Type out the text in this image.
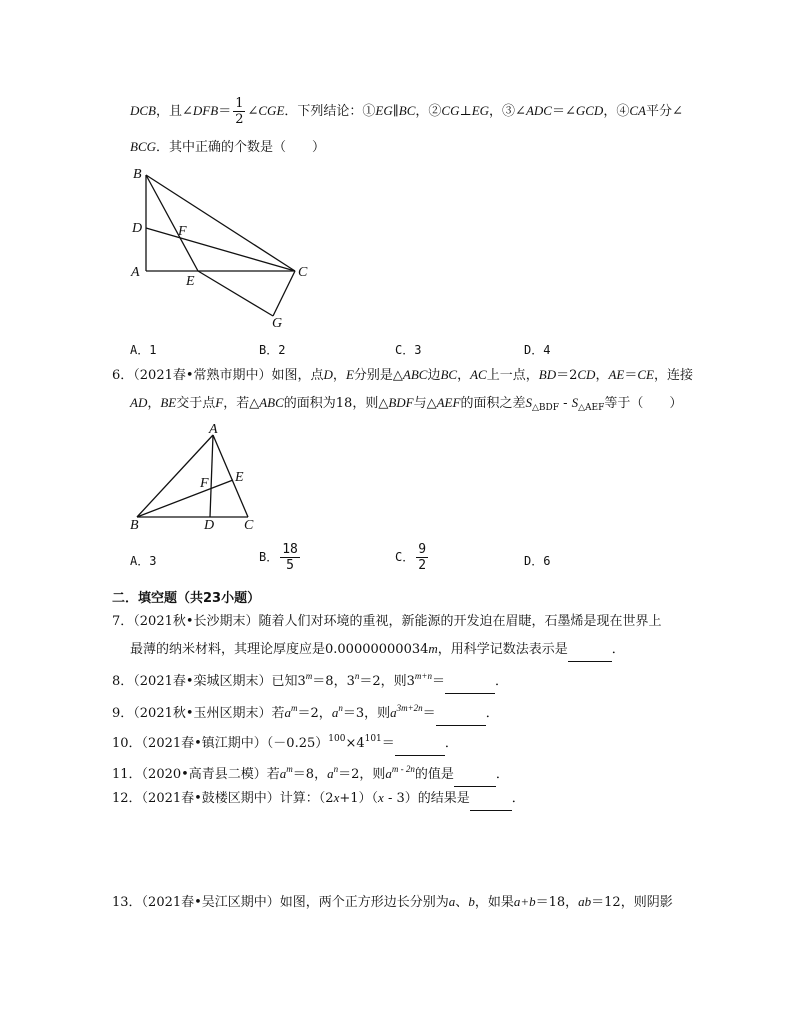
DCB，且∠DFB＝ $\frac{1}{2}$ ∠CGE．下列结论：①EG∥BC，②CG⊥EG，③∠ADC＝∠GCD，④CA平分∠
BCG．其中正确的个数是（　　）
B
D	F
A
E
C
G
A．1	B．2	C．3	D．4
6．（2021春•常熟市期中）如图，点D，E分别是△ABC边BC，AC上一点，BD＝2CD，AE＝CE，连接
AD，BE交于点F，若△ABC的面积为18，则△BDF与△AEF的面积之差$S_{\triangle BDF} - S_{\triangle AEF}$等于（　　）
A
E
F
B	D C
A．3	B． $\frac{18}{5}$	C． $\frac{9}{2}$	D．6
二．填空题（共23小题）
7．（2021秋•长沙期末）随着人们对环境的重视，新能源的开发迫在眉睫，石墨烯是现在世界上
最薄的纳米材料，其理论厚度应是0.00000000034m，用科学记数法表示是	．
8．（2021春•栾城区期末）已知$3^m=8$，$3^n=2$，则$3^{m+n}=$	．
9．（2021秋•玉州区期末）若$a^m=2$，$a^n=3$，则$a^{3m+2n}=$	．
10．（2021春•镇江期中）$(-0.25)^{100}\times 4^{101}=$	．
11．（2020•高青县二模）若$a^m=8$，$a^n=2$，则$a^{m - 2n}$的值是	．
12．（2021春•鼓楼区期中）计算：（2x+1）（x - 3）的结果是	．
13．（2021春•吴江区期中）如图，两个正方形边长分别为a、b，如果a+b＝18，ab＝12，则阴影
